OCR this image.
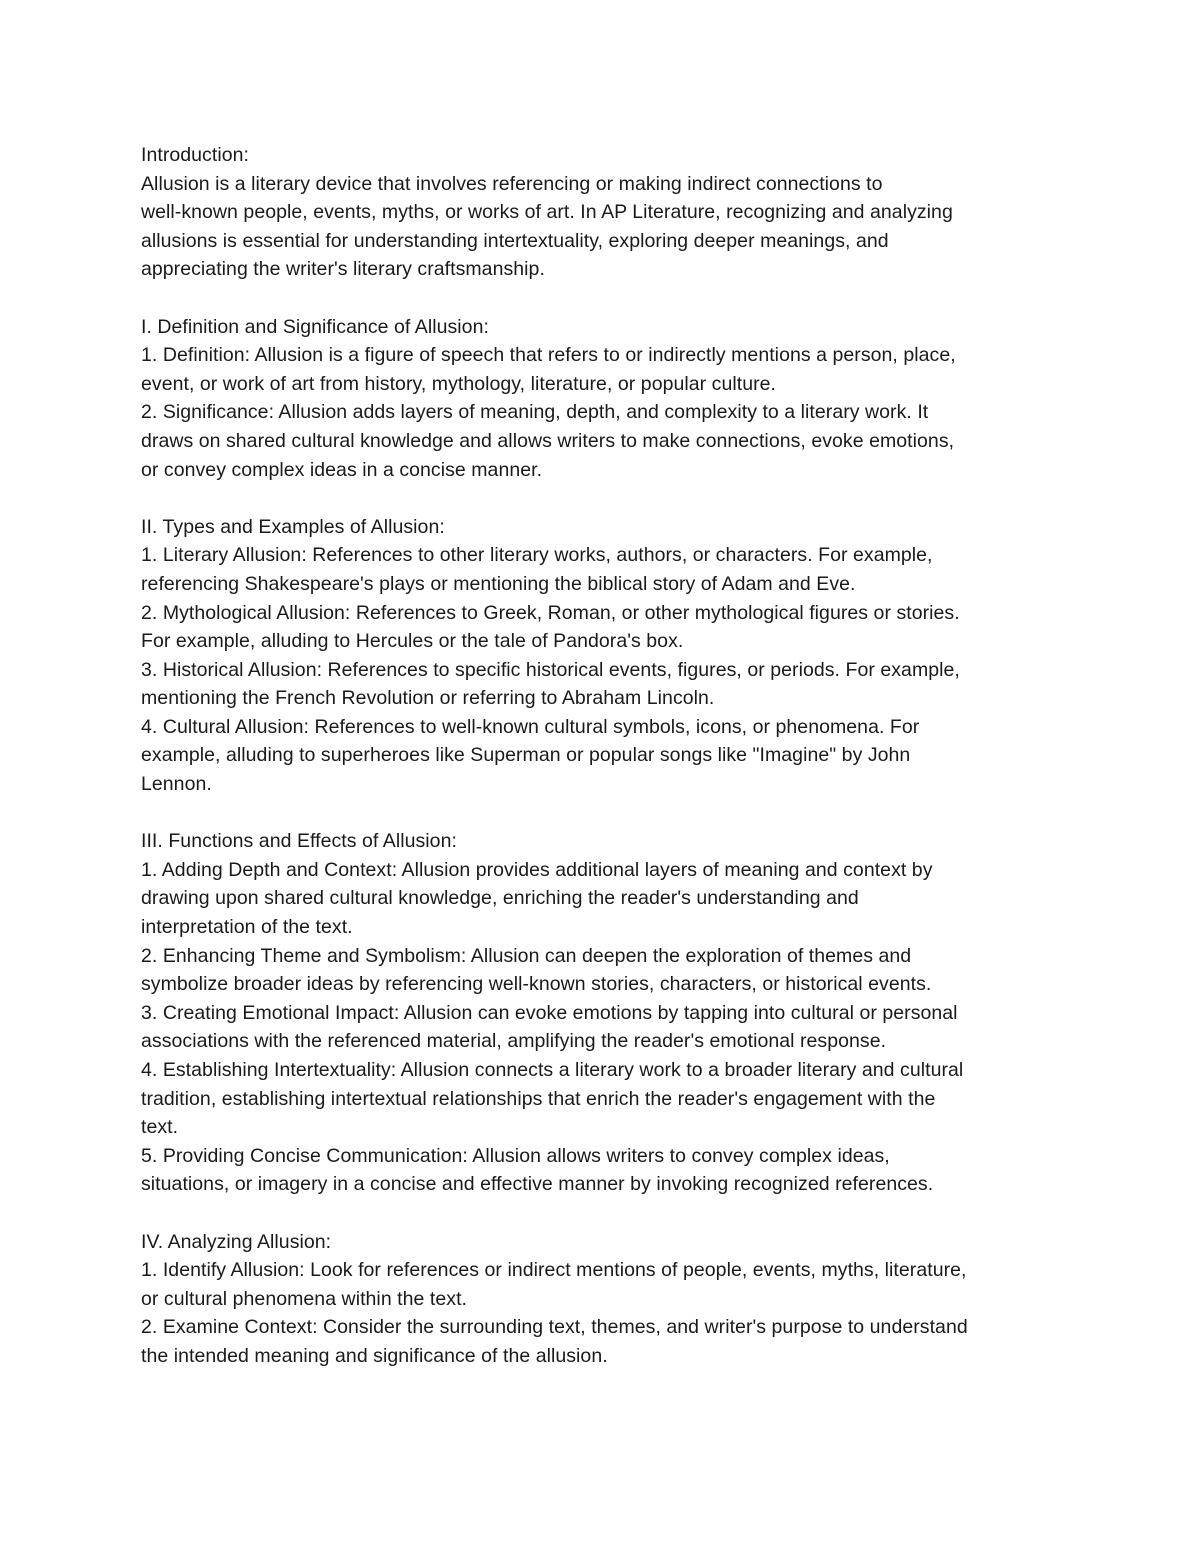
Introduction:

Allusion is a literary device that involves referencing or making indirect connections to

well-known people, events, myths, or works of art. In AP Literature, recognizing and analyzing

allusions is essential for understanding intertextuality, exploring deeper meanings, and

appreciating the writer's literary craftsmanship.

I. Definition and Significance of Allusion:

1. Definition: Allusion is a figure of speech that refers to or indirectly mentions a person, place,

event, or work of art from history, mythology, literature, or popular culture.

2. Significance: Allusion adds layers of meaning, depth, and complexity to a literary work. It

draws on shared cultural knowledge and allows writers to make connections, evoke emotions,

or convey complex ideas in a concise manner.

II. Types and Examples of Allusion:

1. Literary Allusion: References to other literary works, authors, or characters. For example,

referencing Shakespeare's plays or mentioning the biblical story of Adam and Eve.

2. Mythological Allusion: References to Greek, Roman, or other mythological figures or stories.

For example, alluding to Hercules or the tale of Pandora's box.

3. Historical Allusion: References to specific historical events, figures, or periods. For example,

mentioning the French Revolution or referring to Abraham Lincoln.

4. Cultural Allusion: References to well-known cultural symbols, icons, or phenomena. For

example, alluding to superheroes like Superman or popular songs like "Imagine" by John

Lennon.

III. Functions and Effects of Allusion:

1. Adding Depth and Context: Allusion provides additional layers of meaning and context by

drawing upon shared cultural knowledge, enriching the reader's understanding and

interpretation of the text.

2. Enhancing Theme and Symbolism: Allusion can deepen the exploration of themes and

symbolize broader ideas by referencing well-known stories, characters, or historical events.

3. Creating Emotional Impact: Allusion can evoke emotions by tapping into cultural or personal

associations with the referenced material, amplifying the reader's emotional response.

4. Establishing Intertextuality: Allusion connects a literary work to a broader literary and cultural

tradition, establishing intertextual relationships that enrich the reader's engagement with the

text.

5. Providing Concise Communication: Allusion allows writers to convey complex ideas,

situations, or imagery in a concise and effective manner by invoking recognized references.

IV. Analyzing Allusion:

1. Identify Allusion: Look for references or indirect mentions of people, events, myths, literature,

or cultural phenomena within the text.

2. Examine Context: Consider the surrounding text, themes, and writer's purpose to understand

the intended meaning and significance of the allusion.
